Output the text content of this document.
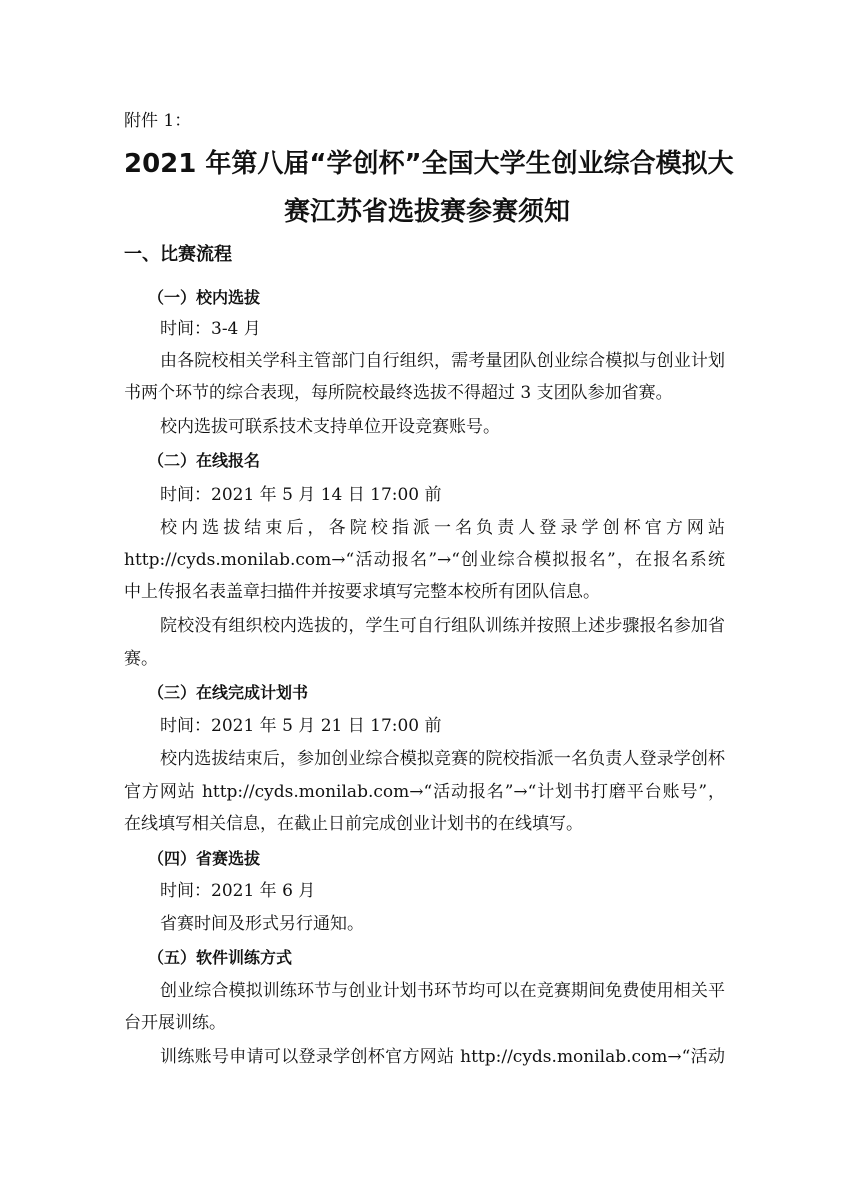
附件 1：
2021 年第八届“学创杯”全国大学生创业综合模拟大
赛江苏省选拔赛参赛须知
一、比赛流程
（一）校内选拔
时间：3-4 月
由各院校相关学科主管部门自行组织，需考量团队创业综合模拟与创业计划
书两个环节的综合表现，每所院校最终选拔不得超过 3 支团队参加省赛。
校内选拔可联系技术支持单位开设竞赛账号。
（二）在线报名
时间：2021 年 5 月 14 日 17:00 前
校内选拔结束后，各院校指派一名负责人登录学创杯官方网站
http://cyds.monilab.com→“活动报名”→“创业综合模拟报名”，在报名系统
中上传报名表盖章扫描件并按要求填写完整本校所有团队信息。
院校没有组织校内选拔的，学生可自行组队训练并按照上述步骤报名参加省
赛。
（三）在线完成计划书
时间：2021 年 5 月 21 日 17:00 前
校内选拔结束后，参加创业综合模拟竞赛的院校指派一名负责人登录学创杯
官方网站 http://cyds.monilab.com→“活动报名”→“计划书打磨平台账号”，
在线填写相关信息，在截止日前完成创业计划书的在线填写。
（四）省赛选拔
时间：2021 年 6 月
省赛时间及形式另行通知。
（五）软件训练方式
创业综合模拟训练环节与创业计划书环节均可以在竞赛期间免费使用相关平
台开展训练。
训练账号申请可以登录学创杯官方网站 http://cyds.monilab.com→“活动
